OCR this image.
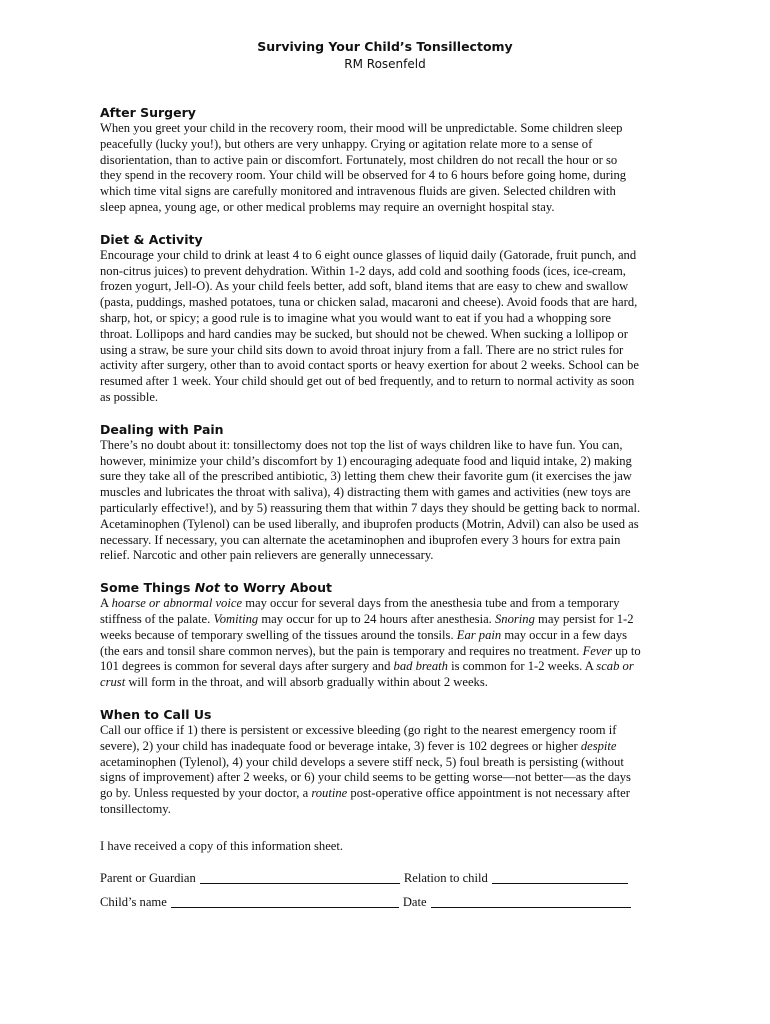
Surviving Your Child’s Tonsillectomy
RM Rosenfeld
After Surgery

When you greet your child in the recovery room, their mood will be unpredictable. Some children sleep
peacefully (lucky you!), but others are very unhappy. Crying or agitation relate more to a sense of
disorientation, than to active pain or discomfort. Fortunately, most children do not recall the hour or so
they spend in the recovery room. Your child will be observed for 4 to 6 hours before going home, during
which time vital signs are carefully monitored and intravenous fluids are given. Selected children with
sleep apnea, young age, or other medical problems may require an overnight hospital stay.

Diet & Activity

Encourage your child to drink at least 4 to 6 eight ounce glasses of liquid daily (Gatorade, fruit punch, and
non-citrus juices) to prevent dehydration. Within 1-2 days, add cold and soothing foods (ices, ice-cream,
frozen yogurt, Jell-O). As your child feels better, add soft, bland items that are easy to chew and swallow
(pasta, puddings, mashed potatoes, tuna or chicken salad, macaroni and cheese). Avoid foods that are hard,
sharp, hot, or spicy; a good rule is to imagine what you would want to eat if you had a whopping sore
throat. Lollipops and hard candies may be sucked, but should not be chewed. When sucking a lollipop or
using a straw, be sure your child sits down to avoid throat injury from a fall. There are no strict rules for
activity after surgery, other than to avoid contact sports or heavy exertion for about 2 weeks. School can be
resumed after 1 week. Your child should get out of bed frequently, and to return to normal activity as soon
as possible.

Dealing with Pain

There’s no doubt about it: tonsillectomy does not top the list of ways children like to have fun. You can,
however, minimize your child’s discomfort by 1) encouraging adequate food and liquid intake, 2) making
sure they take all of the prescribed antibiotic, 3) letting them chew their favorite gum (it exercises the jaw
muscles and lubricates the throat with saliva), 4) distracting them with games and activities (new toys are
particularly effective!), and by 5) reassuring them that within 7 days they should be getting back to normal.
Acetaminophen (Tylenol) can be used liberally, and ibuprofen products (Motrin, Advil) can also be used as
necessary. If necessary, you can alternate the acetaminophen and ibuprofen every 3 hours for extra pain
relief. Narcotic and other pain relievers are generally unnecessary.

Some Things Not to Worry About

A hoarse or abnormal voice may occur for several days from the anesthesia tube and from a temporary
stiffness of the palate. Vomiting may occur for up to 24 hours after anesthesia. Snoring may persist for 1-2
weeks because of temporary swelling of the tissues around the tonsils. Ear pain may occur in a few days
(the ears and tonsil share common nerves), but the pain is temporary and requires no treatment. Fever up to
101 degrees is common for several days after surgery and bad breath is common for 1-2 weeks. A scab or
crust will form in the throat, and will absorb gradually within about 2 weeks.

When to Call Us

Call our office if 1) there is persistent or excessive bleeding (go right to the nearest emergency room if
severe), 2) your child has inadequate food or beverage intake, 3) fever is 102 degrees or higher despite
acetaminophen (Tylenol), 4) your child develops a severe stiff neck, 5) foul breath is persisting (without
signs of improvement) after 2 weeks, or 6) your child seems to be getting worse—not better—as the days
go by. Unless requested by your doctor, a routine post-operative office appointment is not necessary after
tonsillectomy.

I have received a copy of this information sheet.

Parent or Guardian	Relation to child
Child’s name	Date
